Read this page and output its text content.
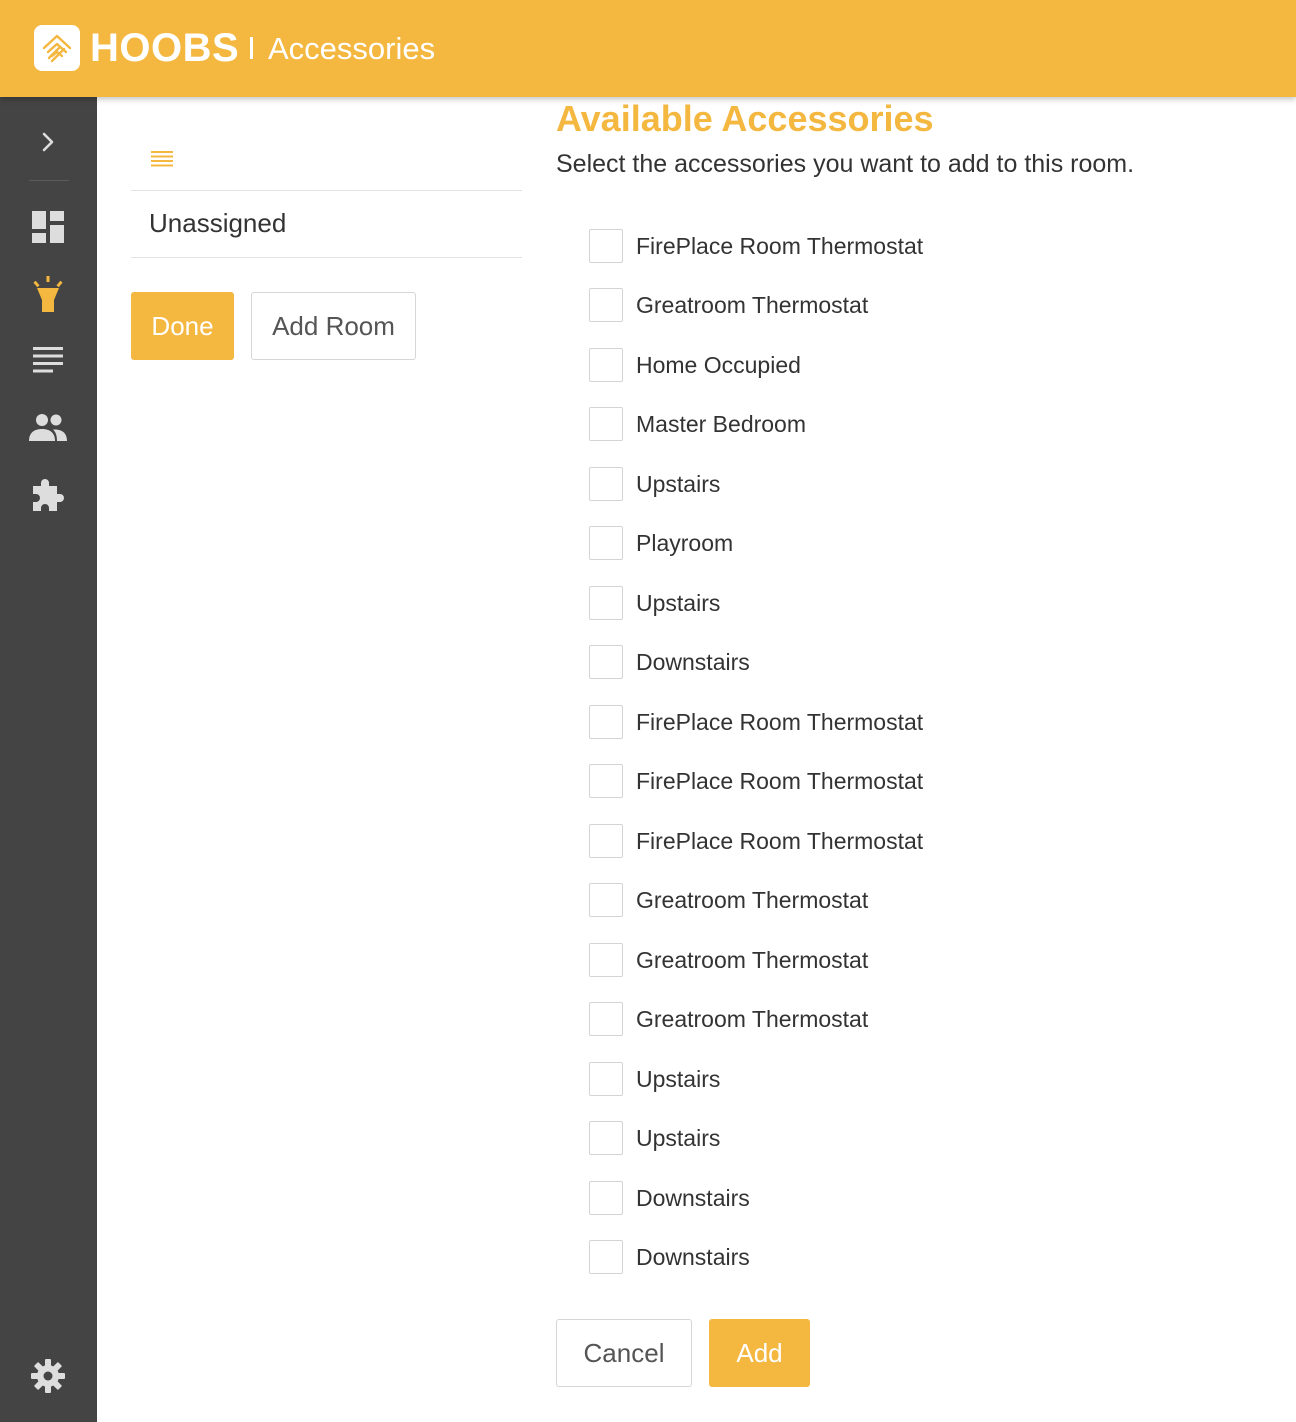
HOOBS Accessories
Unassigned
Done	Add Room
Available Accessories
Select the accessories you want to add to this room.
FirePlace Room Thermostat
Greatroom Thermostat
Home Occupied
Master Bedroom
Upstairs
Playroom
Upstairs
Downstairs
FirePlace Room Thermostat
FirePlace Room Thermostat
FirePlace Room Thermostat
Greatroom Thermostat
Greatroom Thermostat
Greatroom Thermostat
Upstairs
Upstairs
Downstairs
Downstairs
Cancel	Add
